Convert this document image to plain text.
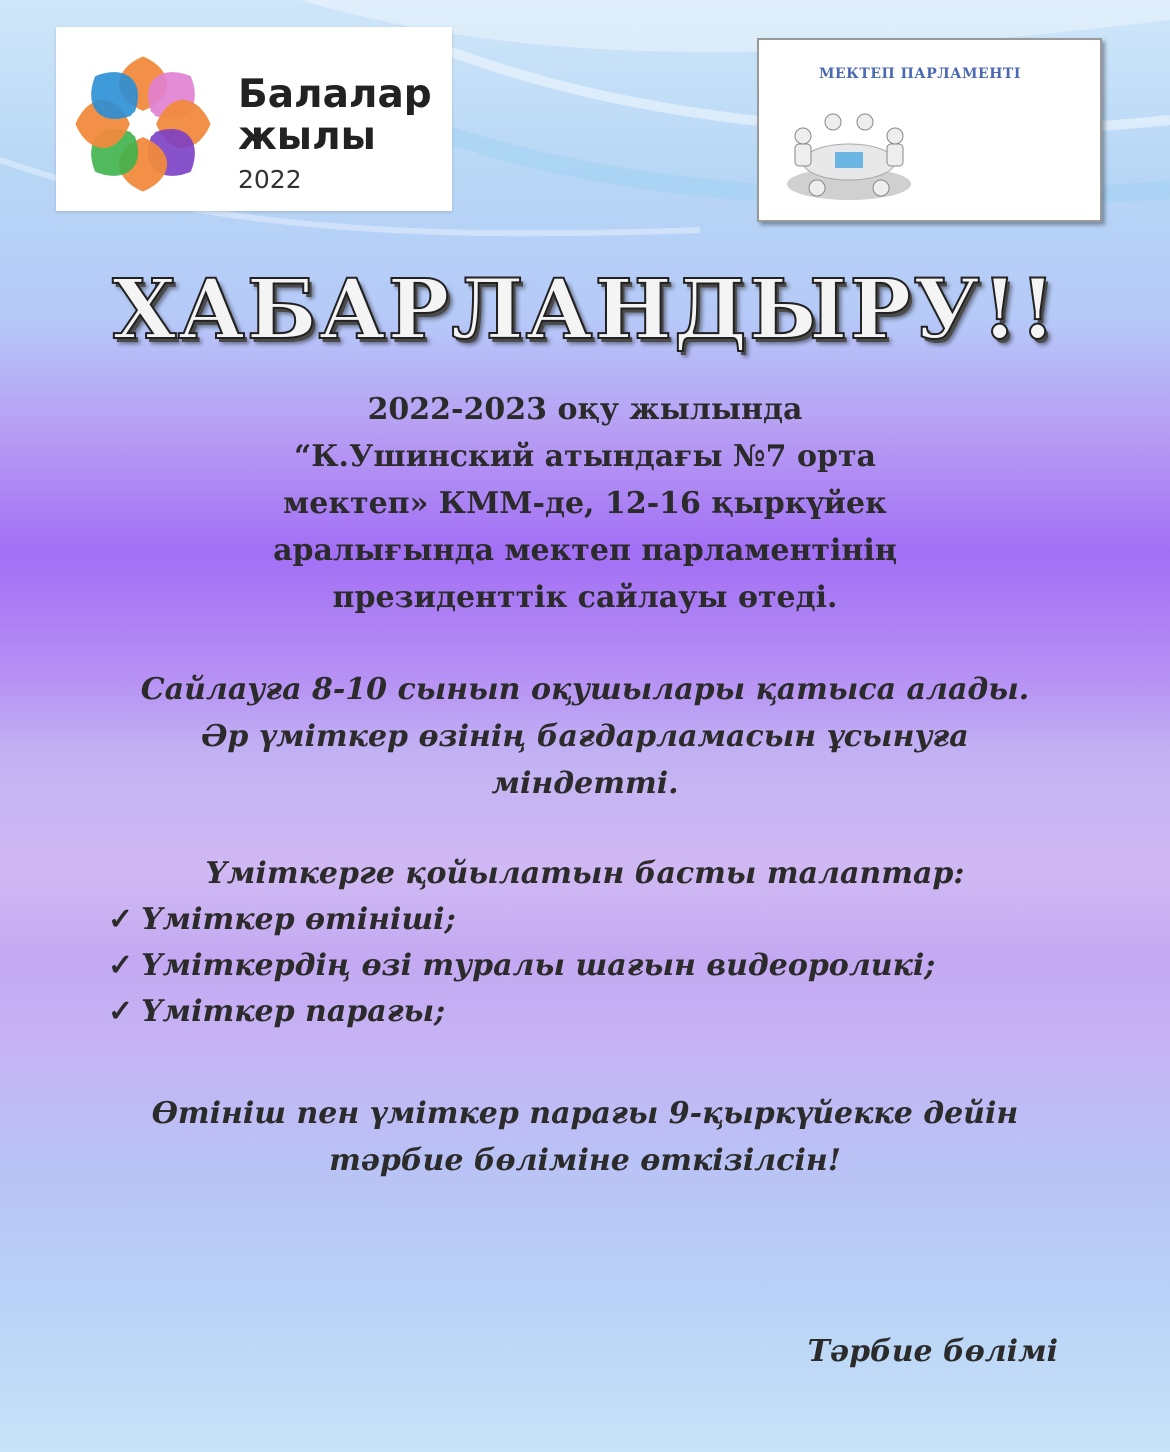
Балалар
жылы
2022
МЕКТЕП ПАРЛАМЕНТІ
ХАБАРЛАНДЫРУ!!
2022-2023 оқу жылында
“К.Ушинский атындағы №7 орта
мектеп» КММ-де, 12-16 қыркүйек
аралығында мектеп парламентінің
президенттік сайлауы өтеді.
Сайлауға 8-10 сынып оқушылары қатыса алады.
Әр үміткер өзінің бағдарламасын ұсынуға
міндетті.
Үміткерге қойылатын басты талаптар:
✓ Үміткер өтініші;
✓ Үміткердің өзі туралы шағын видеороликі;
✓ Үміткер парағы;
Өтініш пен үміткер парағы 9-қыркүйекке дейін
тәрбие бөліміне өткізілсін!
Тәрбие бөлімі
